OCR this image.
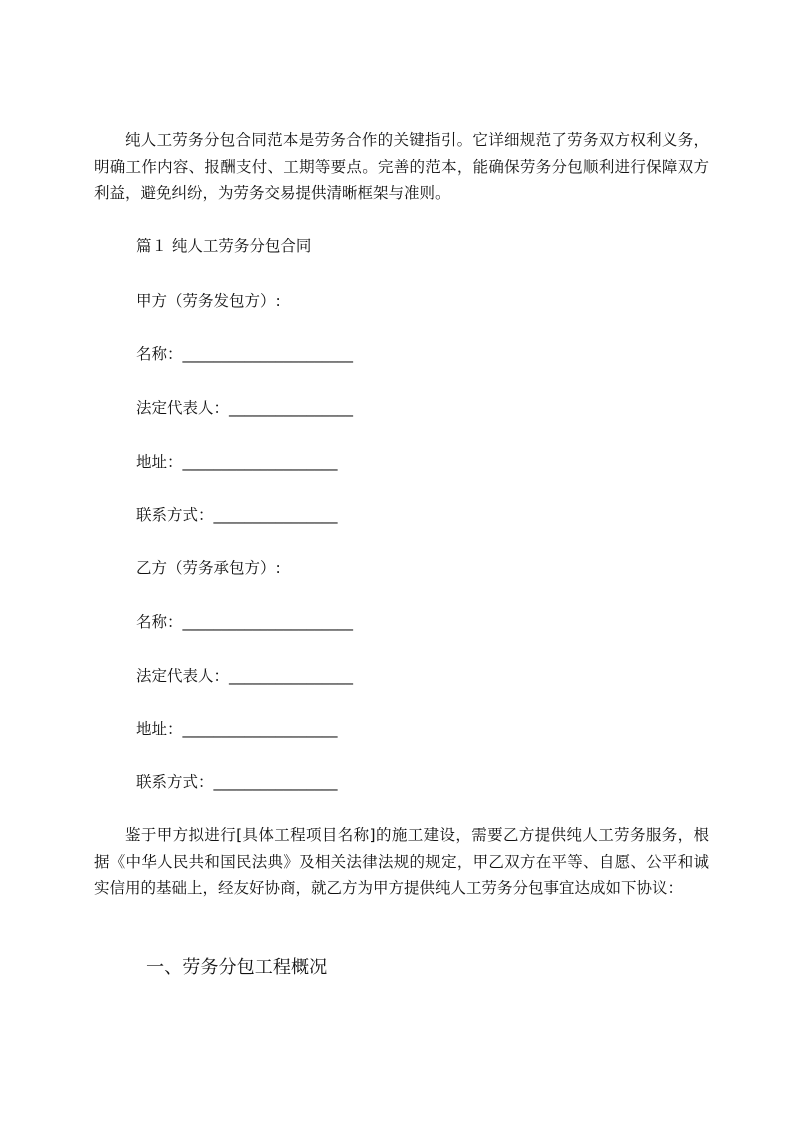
纯人工劳务分包合同范本是劳务合作的关键指引。它详细规范了劳务双方权利义务，明确工作内容、报酬支付、工期等要点。完善的范本，能确保劳务分包顺利进行保障双方利益，避免纠纷，为劳务交易提供清晰框架与准则。

篇１ 纯人工劳务分包合同

甲方（劳务发包方）:

名称：______________________

法定代表人：________________

地址：____________________

联系方式：________________

乙方（劳务承包方）:

名称：______________________

法定代表人：________________

地址：____________________

联系方式：________________

鉴于甲方拟进行[具体工程项目名称]的施工建设，需要乙方提供纯人工劳务服务，根据《中华人民共和国民法典》及相关法律法规的规定，甲乙双方在平等、自愿、公平和诚实信用的基础上，经友好协商，就乙方为甲方提供纯人工劳务分包事宜达成如下协议：

一、劳务分包工程概况
